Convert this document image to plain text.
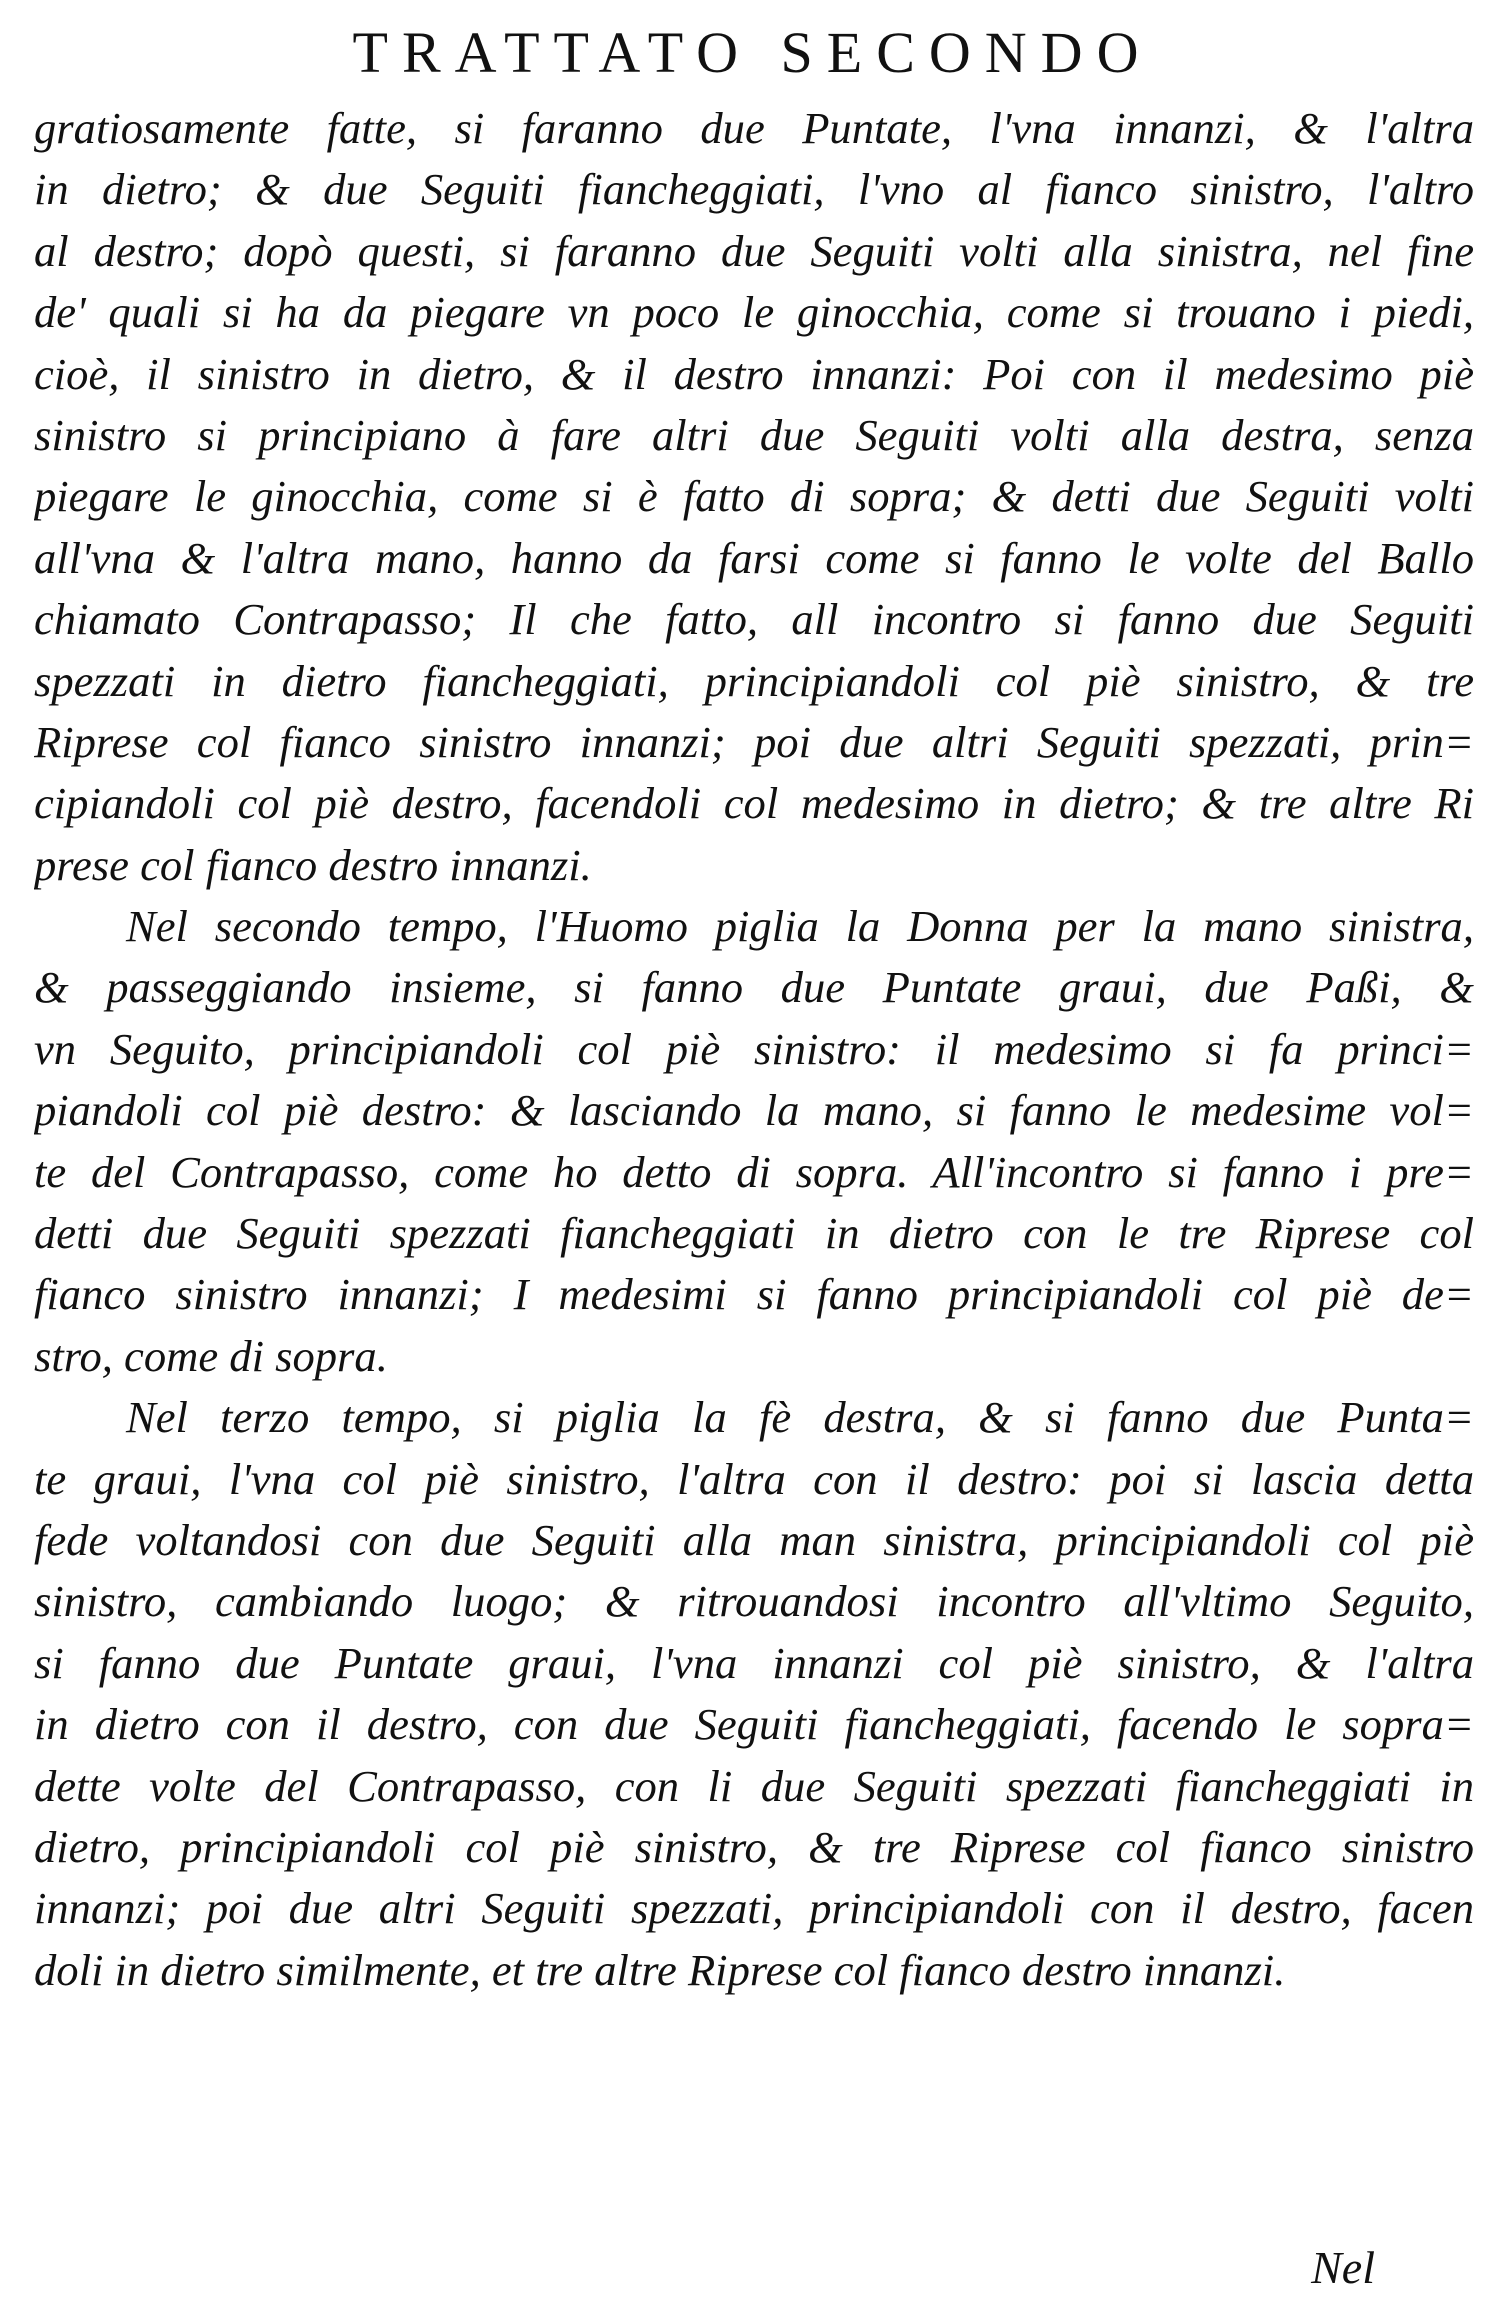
TRATTATO SECONDO
gratiosamente fatte, si faranno due Puntate, l'vna innanzi, & l'altra
in dietro; & due Seguiti fiancheggiati, l'vno al fianco sinistro, l'altro
al destro; dopò questi, si faranno due Seguiti volti alla sinistra, nel fine
de' quali si ha da piegare vn poco le ginocchia, come si trouano i piedi,
cioè, il sinistro in dietro, & il destro innanzi: Poi con il medesimo piè
sinistro si principiano à fare altri due Seguiti volti alla destra, senza
piegare le ginocchia, come si è fatto di sopra; & detti due Seguiti volti
all'vna & l'altra mano, hanno da farsi come si fanno le volte del Ballo
chiamato Contrapasso; Il che fatto, all incontro si fanno due Seguiti
spezzati in dietro fiancheggiati, principiandoli col piè sinistro, & tre
Ripresе col fianco sinistro innanzi; poi due altri Seguiti spezzati, prin=
cipiandoli col piè destro, facendoli col medesimo in dietro; & tre altre Ri
prese col fianco destro innanzi.
Nel secondo tempo, l'Huomo piglia la Donna per la mano sinistra,
& passeggiando insieme, si fanno due Puntate graui, due Paßi, &
vn Seguito, principiandoli col piè sinistro: il medesimo si fa princi=
piandoli col piè destro: & lasciando la mano, si fanno le medesime vol=
te del Contrapasso, come ho detto di sopra. All'incontro si fanno i pre=
detti due Seguiti spezzati fiancheggiati in dietro con le tre Riprese col
fianco sinistro innanzi; I medesimi si fanno principiandoli col piè de=
stro, come di sopra.
Nel terzo tempo, si piglia la fè destra, & si fanno due Punta=
te graui, l'vna col piè sinistro, l'altra con il destro: poi si lascia detta
fede voltandosi con due Seguiti alla man sinistra, principiandoli col piè
sinistro, cambiando luogo; & ritrouandosi incontro all'vltimo Seguito,
si fanno due Puntate graui, l'vna innanzi col piè sinistro, & l'altra
in dietro con il destro, con due Seguiti fiancheggiati, facendo le sopra=
dette volte del Contrapasso, con li due Seguiti spezzati fiancheggiati in
dietro, principiandoli col piè sinistro, & tre Riprese col fianco sinistro
innanzi; poi due altri Seguiti spezzati, principiandoli con il destro, facen
doli in dietro similmente, et tre altre Riprese col fianco destro innanzi.
Nel
